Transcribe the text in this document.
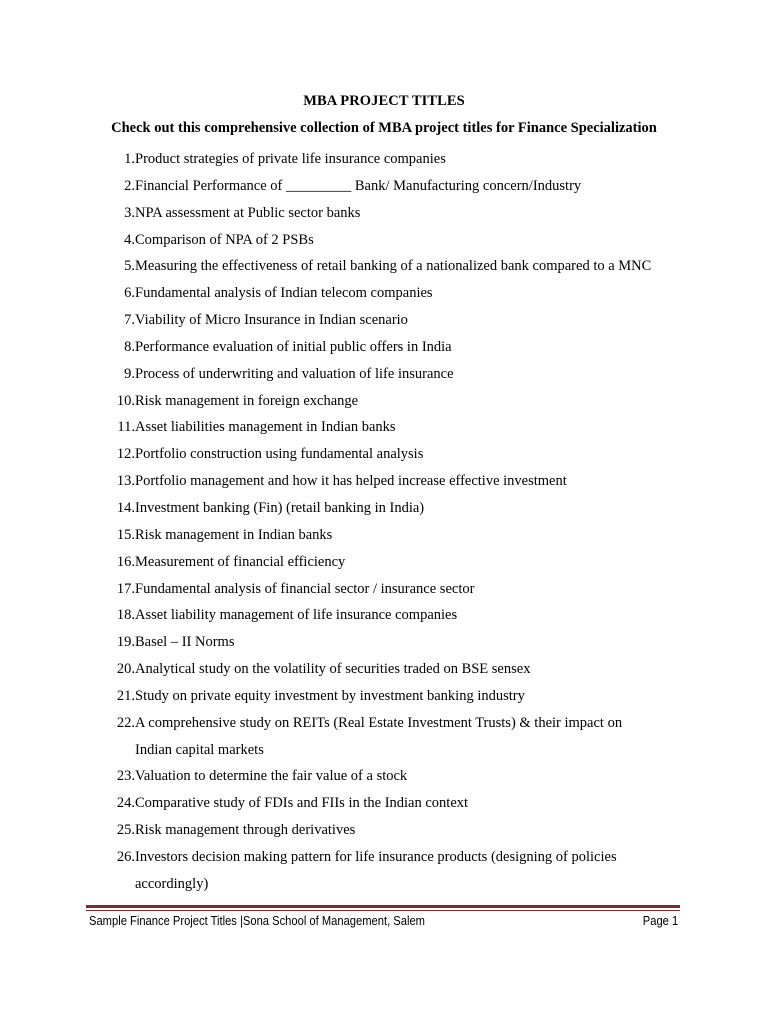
MBA PROJECT TITLES
Check out this comprehensive collection of MBA project titles for Finance Specialization
1. Product strategies of private life insurance companies
2. Financial Performance of _________ Bank/ Manufacturing concern/Industry
3. NPA assessment at Public sector banks
4. Comparison of NPA of 2 PSBs
5. Measuring the effectiveness of retail banking of a nationalized bank compared to a MNC
6. Fundamental analysis of Indian telecom companies
7. Viability of Micro Insurance in Indian scenario
8. Performance evaluation of initial public offers in India
9. Process of underwriting and valuation of life insurance
10. Risk management in foreign exchange
11. Asset liabilities management in Indian banks
12. Portfolio construction using fundamental analysis
13. Portfolio management and how it has helped increase effective investment
14. Investment banking (Fin) (retail banking in India)
15. Risk management in Indian banks
16. Measurement of financial efficiency
17. Fundamental analysis of financial sector / insurance sector
18. Asset liability management of life insurance companies
19. Basel – II Norms
20. Analytical study on the volatility of securities traded on BSE sensex
21. Study on private equity investment by investment banking industry
22. A comprehensive study on REITs (Real Estate Investment Trusts) & their impact on
Indian capital markets
23. Valuation to determine the fair value of a stock
24. Comparative study of FDIs and FIIs in the Indian context
25. Risk management through derivatives
26. Investors decision making pattern for life insurance products (designing of policies
accordingly)
Sample Finance Project Titles |Sona School of Management, Salem	Page 1
